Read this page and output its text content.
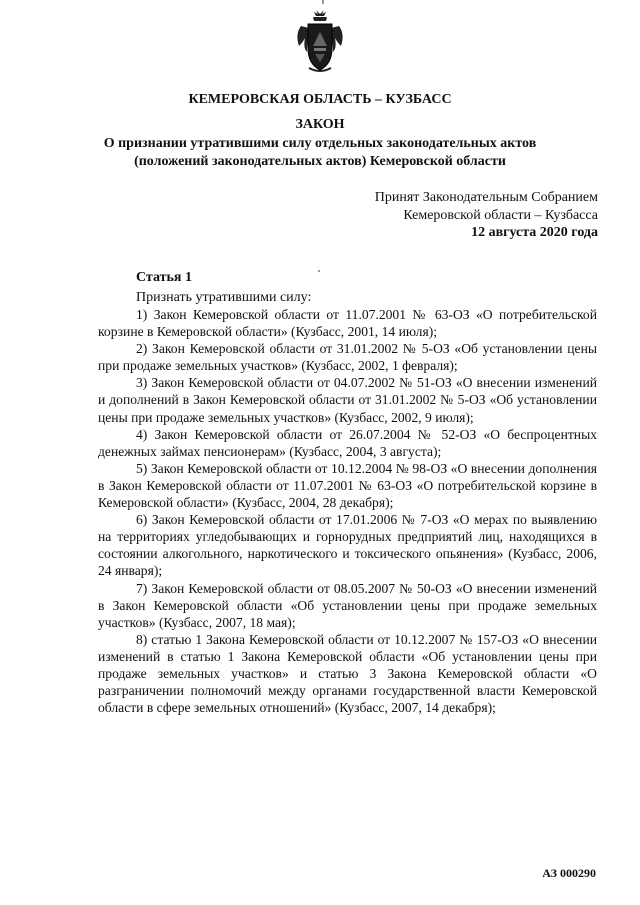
КЕМЕРОВСКАЯ ОБЛАСТЬ – КУЗБАСС
ЗАКОН
О признании утратившими силу отдельных законодательных актов
(положений законодательных актов) Кемеровской области
Принят Законодательным Собранием
Кемеровской области – Кузбасса
12 августа 2020 года
Статья 1
Признать утратившими силу:

1) Закон Кемеровской области от 11.07.2001 № 63-ОЗ «О потребительской корзине в Кемеровской области» (Кузбасс, 2001, 14 июля);

2) Закон Кемеровской области от 31.01.2002 № 5-ОЗ «Об установлении цены при продаже земельных участков» (Кузбасс, 2002, 1 февраля);

3) Закон Кемеровской области от 04.07.2002 № 51-ОЗ «О внесении изменений и дополнений в Закон Кемеровской области от 31.01.2002 № 5-ОЗ «Об установлении цены при продаже земельных участков» (Кузбасс, 2002, 9 июля);

4) Закон Кемеровской области от 26.07.2004 № 52-ОЗ «О беспроцентных денежных займах пенсионерам» (Кузбасс, 2004, 3 августа);

5) Закон Кемеровской области от 10.12.2004 № 98-ОЗ «О внесении дополнения в Закон Кемеровской области от 11.07.2001 № 63-ОЗ «О потребительской корзине в Кемеровской области» (Кузбасс, 2004, 28 декабря);

6) Закон Кемеровской области от 17.01.2006 № 7-ОЗ «О мерах по выявлению на территориях угледобывающих и горнорудных предприятий лиц, находящихся в состоянии алкогольного, наркотического и токсического опьянения» (Кузбасс, 2006, 24 января);

7) Закон Кемеровской области от 08.05.2007 № 50-ОЗ «О внесении изменений в Закон Кемеровской области «Об установлении цены при продаже земельных участков» (Кузбасс, 2007, 18 мая);

8) статью 1 Закона Кемеровской области от 10.12.2007 № 157-ОЗ «О внесении изменений в статью 1 Закона Кемеровской области «Об установлении цены при продаже земельных участков» и статью 3 Закона Кемеровской области «О разграничении полномочий между органами государственной власти Кемеровской области в сфере земельных отношений» (Кузбасс, 2007, 14 декабря);

АЗ 000290
